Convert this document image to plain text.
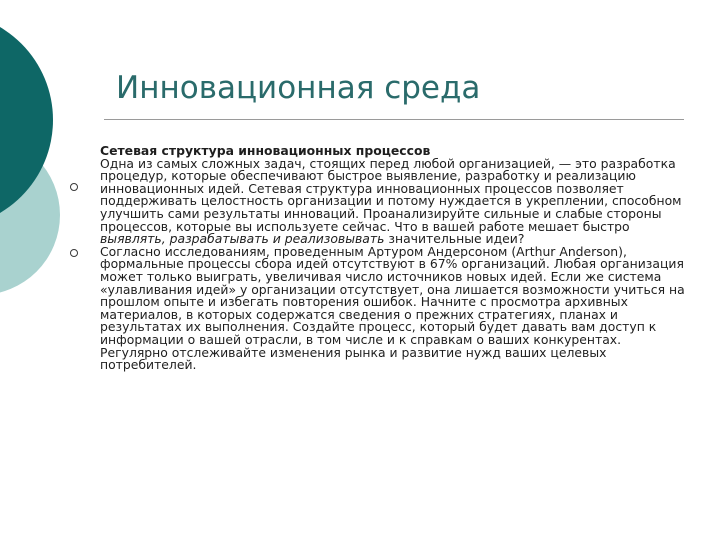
Инновационная среда
Сетевая структура инновационных процессов
Одна из самых сложных задач, стоящих перед любой организацией, — это разработка процедур, которые обеспечивают быстрое выявление, разработку и реализацию инновационных идей. Сетевая структура инновационных процессов позволяет поддерживать целостность организации и потому нуждается в укреплении, способном улучшить сами результаты инноваций. Проанализируйте сильные и слабые стороны процессов, которые вы используете сейчас. Что в вашей работе мешает быстро выявлять, разрабатывать и реализовывать значительные идеи?
Согласно исследованиям, проведенным Артуром Андерсоном (Arthur Anderson), формальные процессы сбора идей отсутствуют в 67% организаций. Любая организация может только выиграть, увеличивая число источников новых идей. Если же система «улавливания идей» у организации отсутствует, она лишается возможности учиться на прошлом опыте и избегать повторения ошибок. Начните с просмотра архивных материалов, в которых содержатся сведения о прежних стратегиях, планах и результатах их выполнения. Создайте процесс, который будет давать вам доступ к информации о вашей отрасли, в том числе и к справкам о ваших конкурентах. Регулярно отслеживайте изменения рынка и развитие нужд ваших целевых потребителей.
